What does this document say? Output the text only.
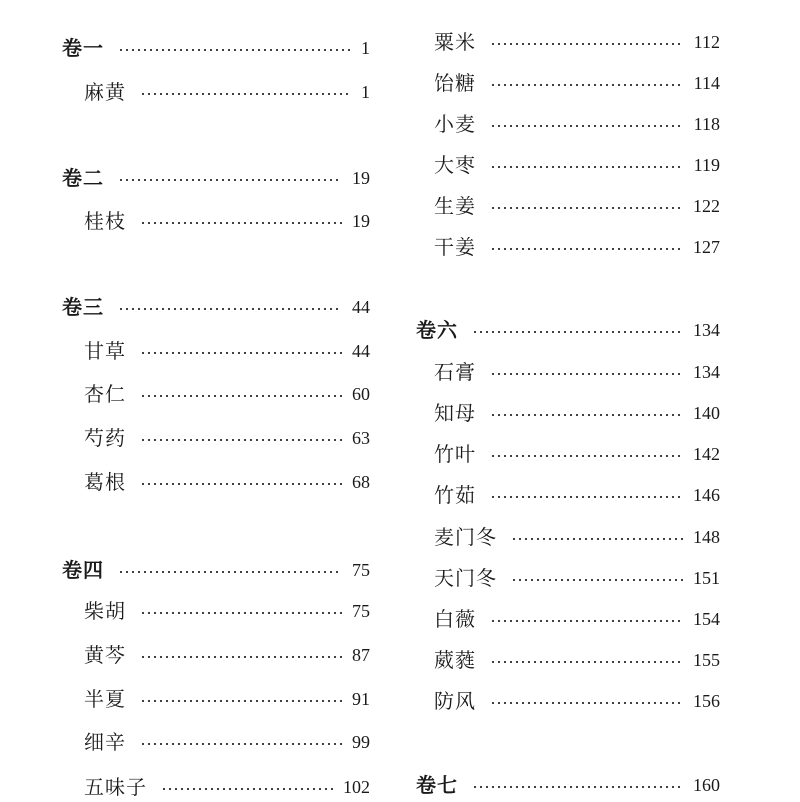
卷一	1
麻黄	1
卷二	19
桂枝	19
卷三	44
甘草	44
杏仁	60
芍药	63
葛根	68
卷四	75
柴胡	75
黄芩	87
半夏	91
细辛	99
五味子	102
粟米	112
饴糖	114
小麦	118
大枣	119
生姜	122
干姜	127
卷六	134
石膏	134
知母	140
竹叶	142
竹茹	146
麦门冬	148
天门冬	151
白薇	154
葳蕤	155
防风	156
卷七	160
